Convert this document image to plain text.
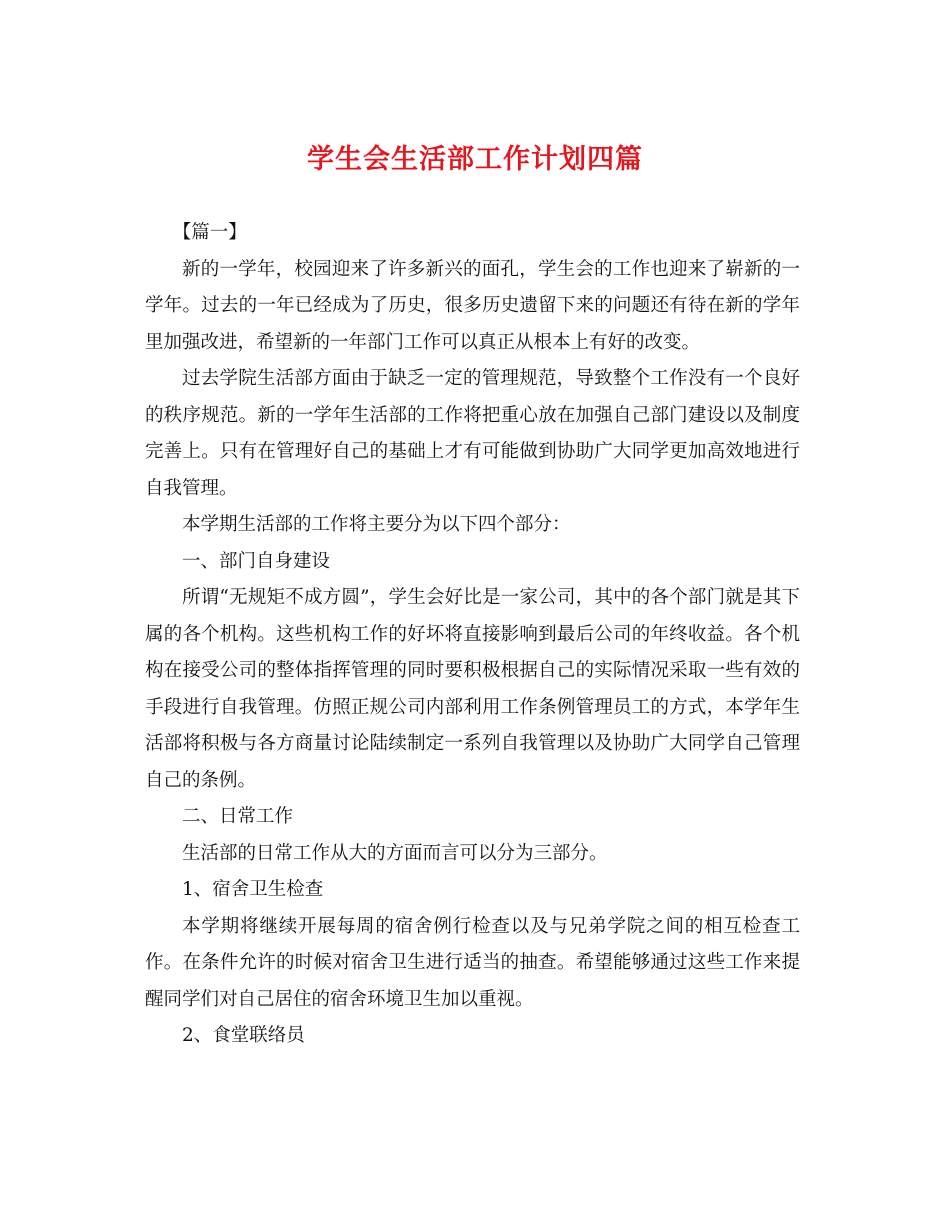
学生会生活部工作计划四篇

【篇一】

新的一学年，校园迎来了许多新兴的面孔，学生会的工作也迎来了崭新的一学年。过去的一年已经成为了历史，很多历史遗留下来的问题还有待在新的学年里加强改进，希望新的一年部门工作可以真正从根本上有好的改变。

过去学院生活部方面由于缺乏一定的管理规范，导致整个工作没有一个良好的秩序规范。新的一学年生活部的工作将把重心放在加强自己部门建设以及制度完善上。只有在管理好自己的基础上才有可能做到协助广大同学更加高效地进行自我管理。

本学期生活部的工作将主要分为以下四个部分：

一、部门自身建设

所谓“无规矩不成方圆”，学生会好比是一家公司，其中的各个部门就是其下属的各个机构。这些机构工作的好坏将直接影响到最后公司的年终收益。各个机构在接受公司的整体指挥管理的同时要积极根据自己的实际情况采取一些有效的手段进行自我管理。仿照正规公司内部利用工作条例管理员工的方式，本学年生活部将积极与各方商量讨论陆续制定一系列自我管理以及协助广大同学自己管理自己的条例。

二、日常工作

生活部的日常工作从大的方面而言可以分为三部分。

1、宿舍卫生检查

本学期将继续开展每周的宿舍例行检查以及与兄弟学院之间的相互检查工作。在条件允许的时候对宿舍卫生进行适当的抽查。希望能够通过这些工作来提醒同学们对自己居住的宿舍环境卫生加以重视。

2、食堂联络员
